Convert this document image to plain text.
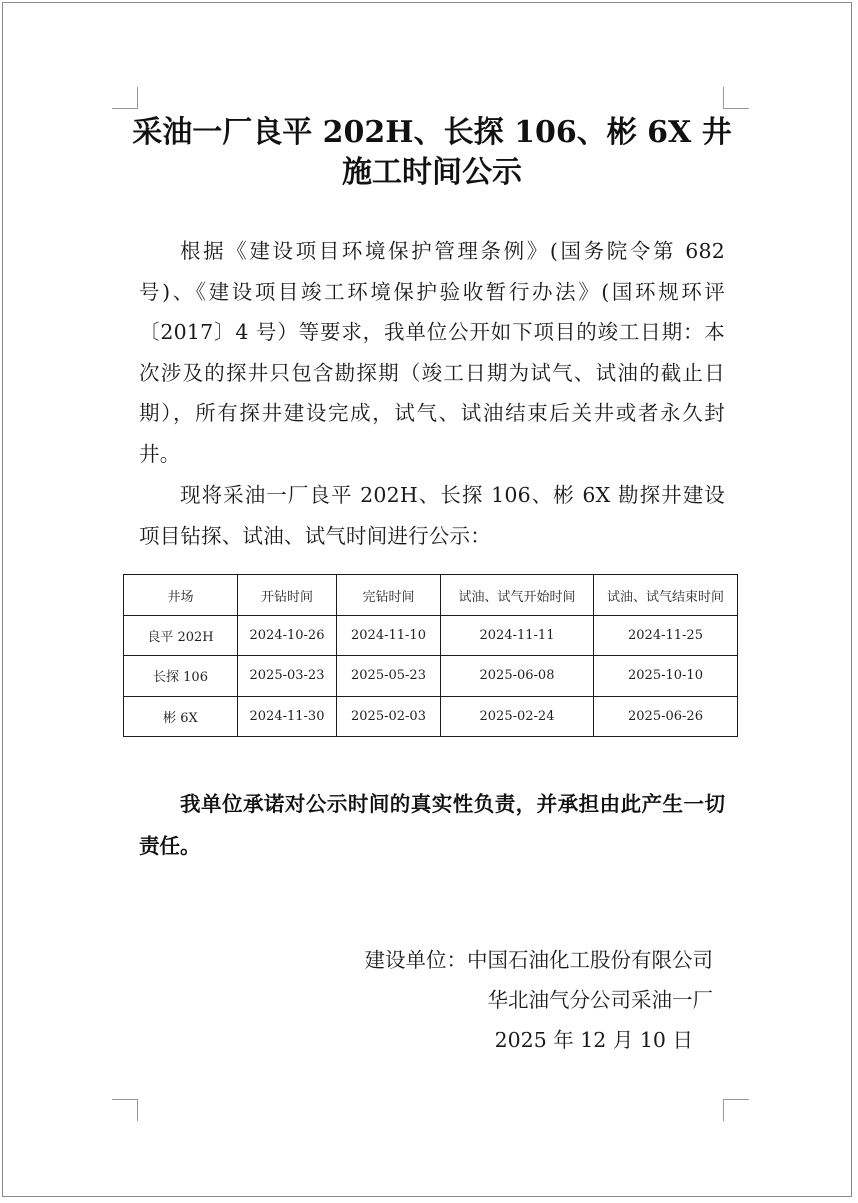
采油一厂良平 202H、长探 106、彬 6X 井
施工时间公示
根据《建设项目环境保护管理条例》(国务院令第 682 号)、《建设项目竣工环境保护验收暂行办法》(国环规环评〔2017〕4 号）等要求，我单位公开如下项目的竣工日期：本次涉及的探井只包含勘探期（竣工日期为试气、试油的截止日期），所有探井建设完成，试气、试油结束后关井或者永久封井。
现将采油一厂良平 202H、长探 106、彬 6X 勘探井建设项目钻探、试油、试气时间进行公示：
井场	开钻时间	完钻时间	试油、试气开始时间	试油、试气结束时间
良平 202H	2024-10-26	2024-11-10	2024-11-11	2024-11-25
长探 106	2025-03-23	2025-05-23	2025-06-08	2025-10-10
彬 6X	2024-11-30	2025-02-03	2025-02-24	2025-06-26
我单位承诺对公示时间的真实性负责，并承担由此产生一切责任。
建设单位：中国石油化工股份有限公司
华北油气分公司采油一厂
2025 年 12 月 10 日
